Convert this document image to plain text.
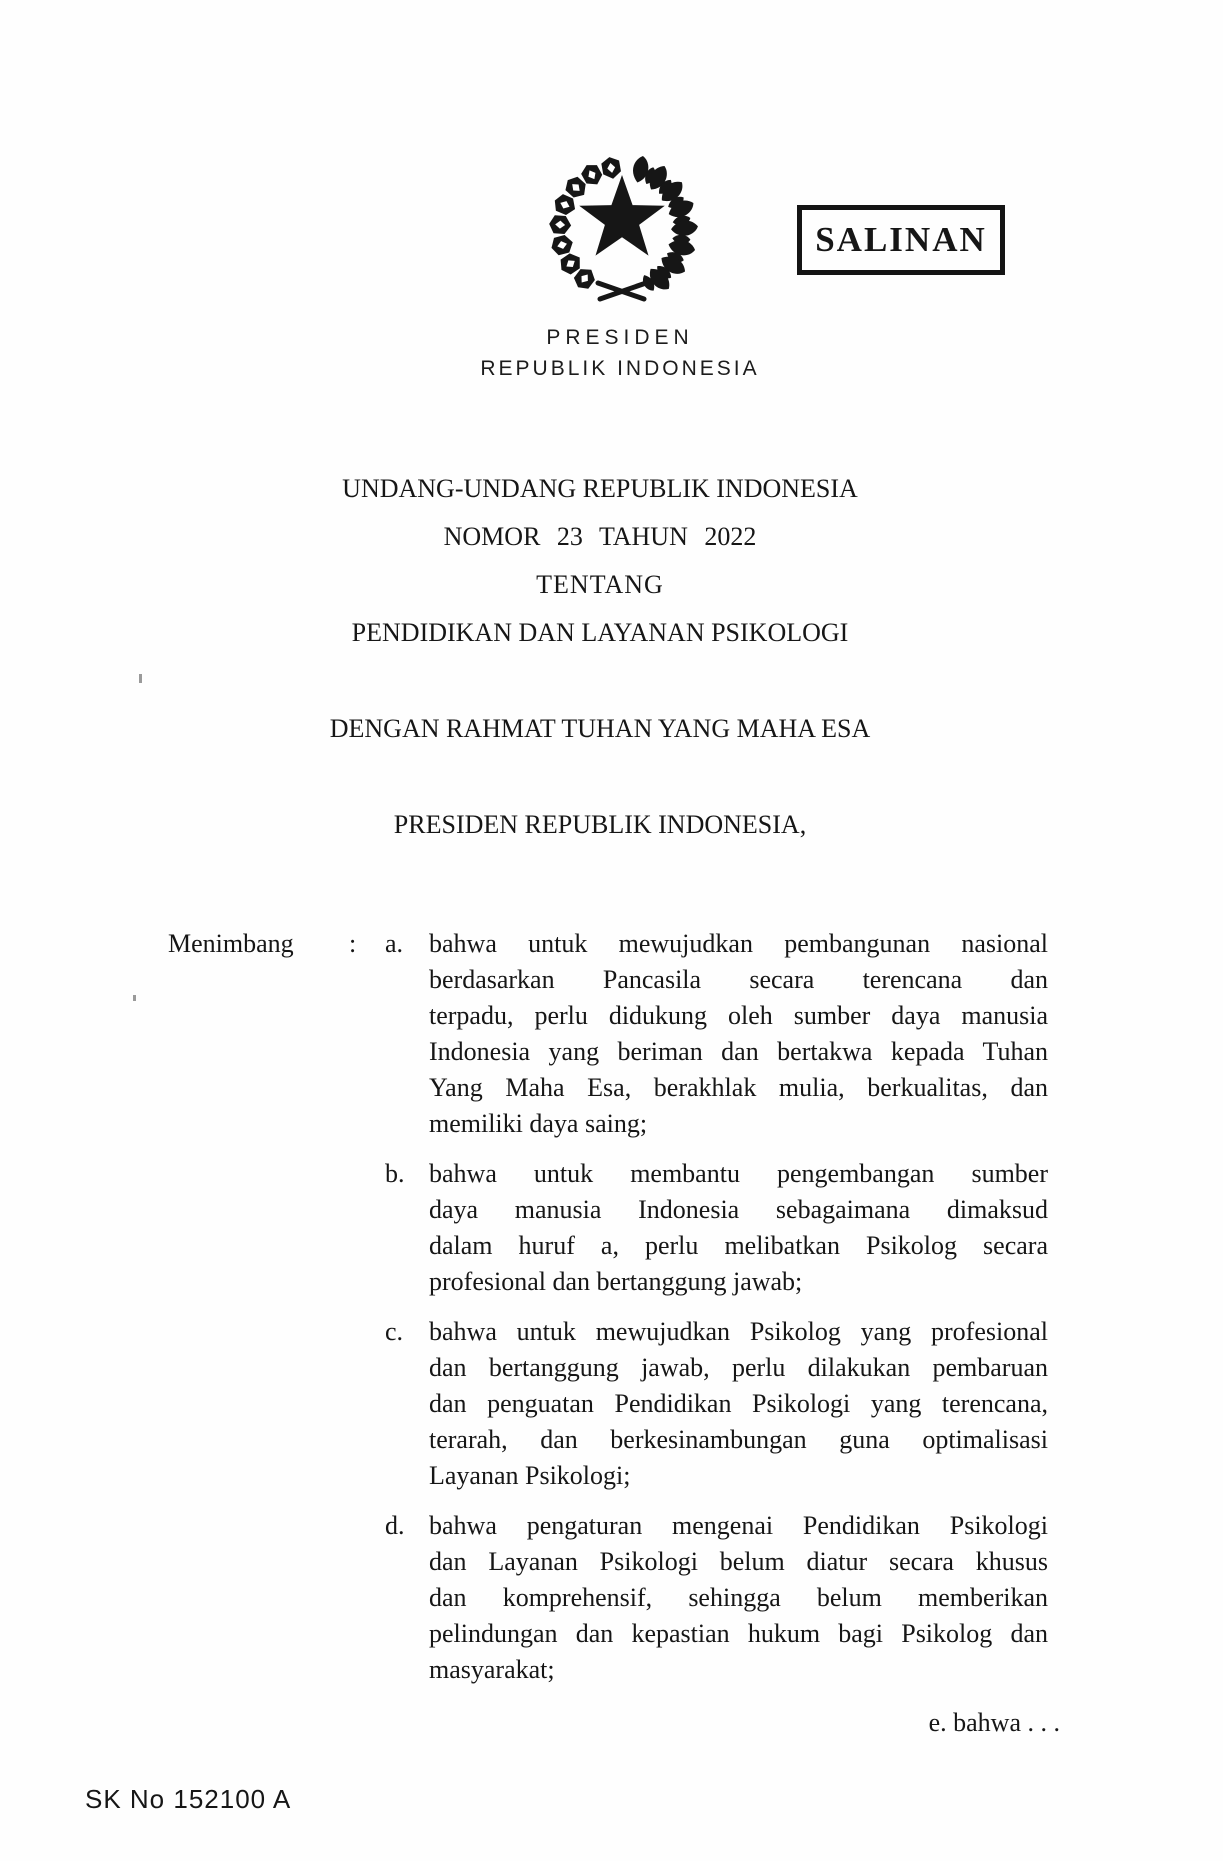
SALINAN
PRESIDEN
REPUBLIK INDONESIA
UNDANG-UNDANG REPUBLIK INDONESIA
NOMOR 23 TAHUN 2022
TENTANG
PENDIDIKAN DAN LAYANAN PSIKOLOGI
DENGAN RAHMAT TUHAN YANG MAHA ESA
PRESIDEN REPUBLIK INDONESIA,
Menimbang : a. bahwa untuk mewujudkan pembangunan nasional
berdasarkan Pancasila secara terencana dan
terpadu, perlu didukung oleh sumber daya manusia
Indonesia yang beriman dan bertakwa kepada Tuhan
Yang Maha Esa, berakhlak mulia, berkualitas, dan
memiliki daya saing;
b. bahwa untuk membantu pengembangan sumber
daya manusia Indonesia sebagaimana dimaksud
dalam huruf a, perlu melibatkan Psikolog secara
profesional dan bertanggung jawab;
c. bahwa untuk mewujudkan Psikolog yang profesional
dan bertanggung jawab, perlu dilakukan pembaruan
dan penguatan Pendidikan Psikologi yang terencana,
terarah, dan berkesinambungan guna optimalisasi
Layanan Psikologi;
d. bahwa pengaturan mengenai Pendidikan Psikologi
dan Layanan Psikologi belum diatur secara khusus
dan komprehensif, sehingga belum memberikan
pelindungan dan kepastian hukum bagi Psikolog dan
masyarakat;
e. bahwa . . .
SK No 152100 A
